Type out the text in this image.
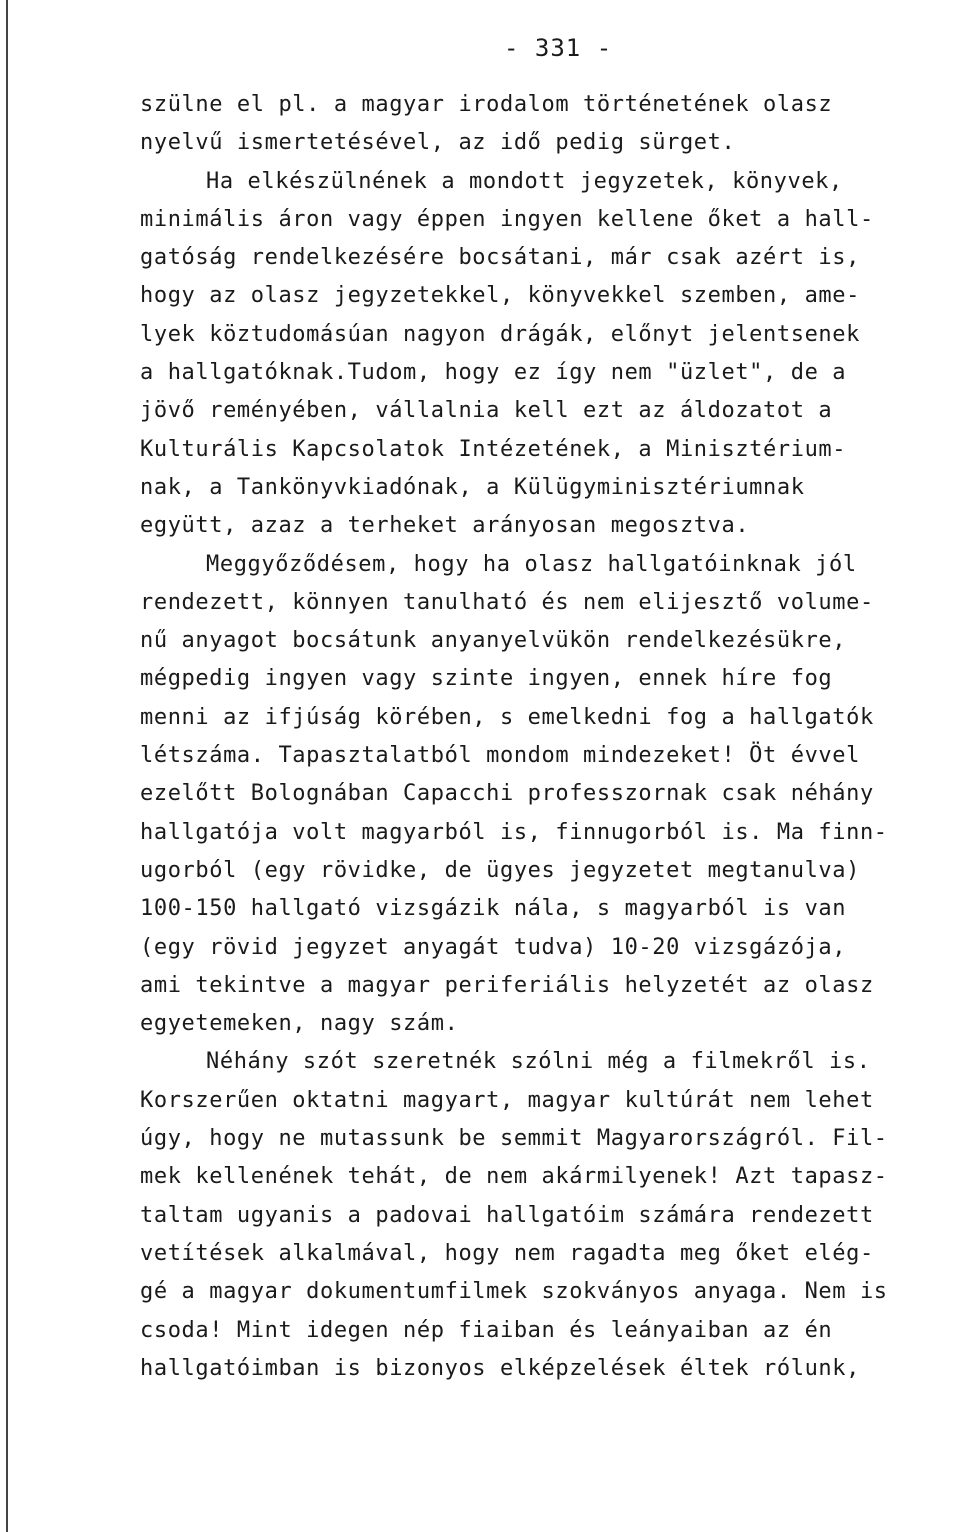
- 331 -
szülne el pl. a magyar irodalom történetének olasz
nyelvű ismertetésével, az idő pedig sürget.
Ha elkészülnének a mondott jegyzetek, könyvek,
minimális áron vagy éppen ingyen kellene őket a hall-
gatóság rendelkezésére bocsátani, már csak azért is,
hogy az olasz jegyzetekkel, könyvekkel szemben, ame-
lyek köztudomásúan nagyon drágák, előnyt jelentsenek
a hallgatóknak.Tudom, hogy ez így nem "üzlet", de a
jövő reményében, vállalnia kell ezt az áldozatot a
Kulturális Kapcsolatok Intézetének, a Minisztérium-
nak, a Tankönyvkiadónak, a Külügyminisztériumnak
együtt, azaz a terheket arányosan megosztva.
Meggyőződésem, hogy ha olasz hallgatóinknak jól
rendezett, könnyen tanulható és nem elijesztő volume-
nű anyagot bocsátunk anyanyelvükön rendelkezésükre,
mégpedig ingyen vagy szinte ingyen, ennek híre fog
menni az ifjúság körében, s emelkedni fog a hallgatók
létszáma. Tapasztalatból mondom mindezeket! Öt évvel
ezelőtt Bolognában Capacchi professzornak csak néhány
hallgatója volt magyarból is, finnugorból is. Ma finn-
ugorból (egy rövidke, de ügyes jegyzetet megtanulva)
100-150 hallgató vizsgázik nála, s magyarból is van
(egy rövid jegyzet anyagát tudva) 10-20 vizsgázója,
ami tekintve a magyar periferiális helyzetét az olasz
egyetemeken, nagy szám.
Néhány szót szeretnék szólni még a filmekről is.
Korszerűen oktatni magyart, magyar kultúrát nem lehet
úgy, hogy ne mutassunk be semmit Magyarországról. Fil-
mek kellenének tehát, de nem akármilyenek! Azt tapasz-
taltam ugyanis a padovai hallgatóim számára rendezett
vetítések alkalmával, hogy nem ragadta meg őket elég-
gé a magyar dokumentumfilmek szokványos anyaga. Nem is
csoda! Mint idegen nép fiaiban és leányaiban az én
hallgatóimban is bizonyos elképzelések éltek rólunk,
